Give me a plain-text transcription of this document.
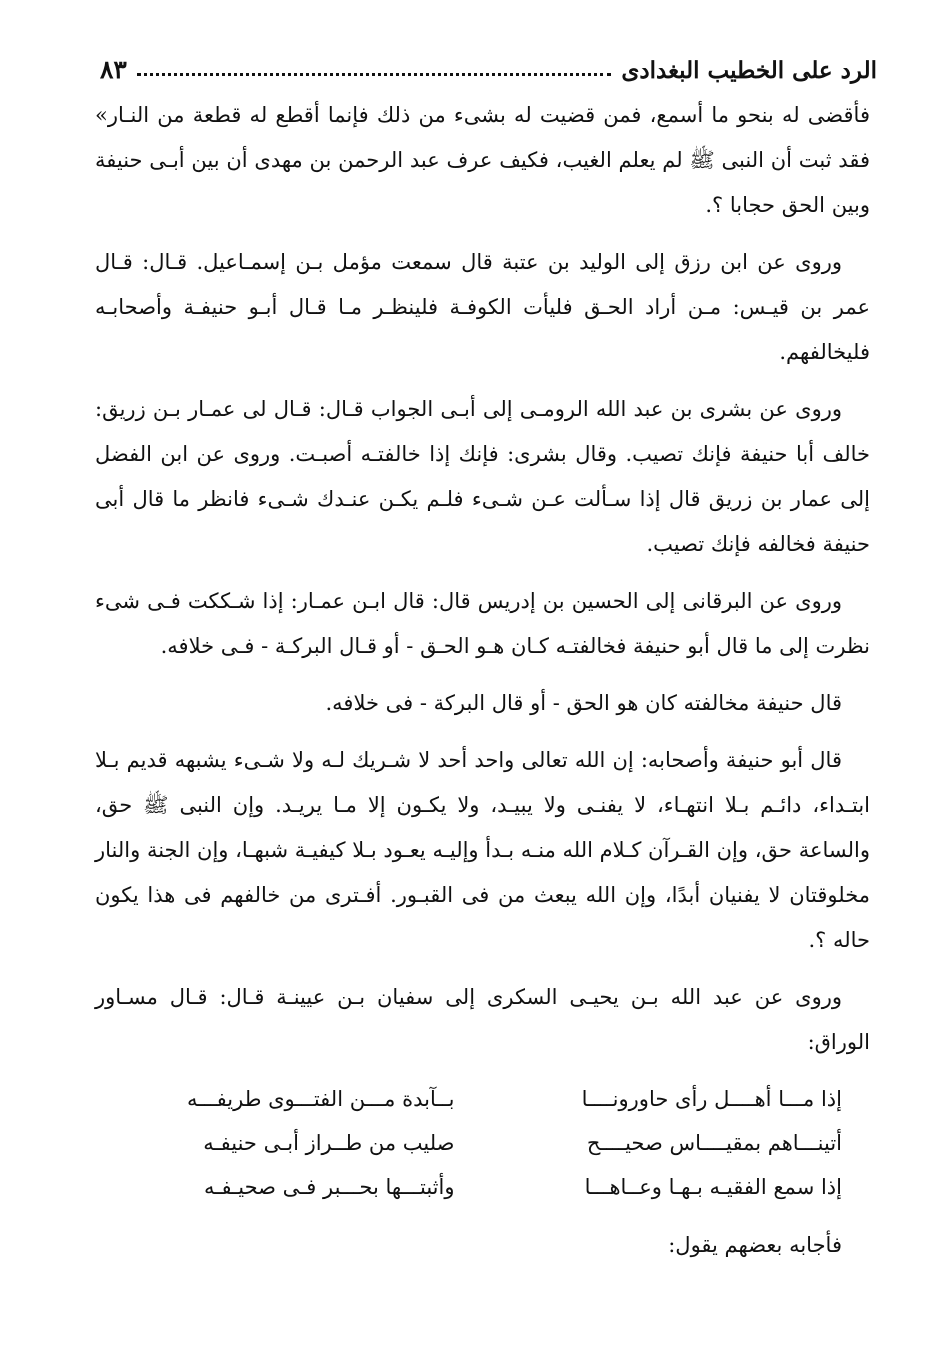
الرد على الخطيب البغدادى
٨٣

فأقضى له بنحو ما أسمع، فمن قضيت له بشىء من ذلك فإنما أقطع له قطعة من النـار» فقد ثبت أن النبى ﷺ لم يعلم الغيب، فكيف عرف عبد الرحمن بن مهدى أن بين أبـى حنيفة وبين الحق حجابا ؟.

وروى عن ابن رزق إلى الوليد بن عتبة قال سمعت مؤمل بـن إسمـاعيل. قـال: قـال عمر بن قيـس: مـن أراد الحـق فليأت الكوفـة فلينظـر مـا قـال أبـو حنيفـة وأصحابـه فليخالفهم.

وروى عن بشرى بن عبد الله الرومـى إلى أبـى الجواب قـال: قـال لى عمـار بـن زريق: خالف أبا حنيفة فإنك تصيب. وقال بشرى: فإنك إذا خالفتـه أصبـت. وروى عن ابن الفضل إلى عمار بن زريق قال إذا سـألت عـن شـىء فلـم يكـن عنـدك شـىء فانظر ما قال أبى حنيفة فخالفه فإنك تصيب.

وروى عن البرقانى إلى الحسين بن إدريس قال: قال ابـن عمـار: إذا شـككت فـى شىء نظرت إلى ما قال أبو حنيفة فخالفتـه كـان هـو الحـق - أو قـال البركـة - فـى خلافه.

قال حنيفة مخالفته كان هو الحق - أو قال البركة - فى خلافه.

قال أبو حنيفة وأصحابه: إن الله تعالى واحد أحد لا شـريك لـه ولا شـىء يشبهه قديم بـلا ابتـداء، دائـم بـلا انتهـاء، لا يفنـى ولا يبيـد، ولا يكـون إلا مـا يريـد. وإن النبى ﷺ حق، والساعة حق، وإن القـرآن كـلام الله منـه بـدأ وإليـه يعـود بـلا كيفيـة شبهـا، وإن الجنة والنار مخلوقتان لا يفنيان أبدًا، وإن الله يبعث من فى القبـور. أفـترى من خالفهم فى هذا يكون حاله ؟.

وروى عن عبد الله بـن يحيـى السكرى إلى سفيان بـن عيينـة قـال: قـال مسـاور الوراق:

إذا مـــا أهــــل رأى حاورونــــا
بــآبدة مـــن الفتـــوى طريفـــه
أتينـــاهم بمقيــــاس صحيــــح
صليب من طــراز أبـى حنيفـه
إذا سمع الفقيـه بـهـا وعــاهـــا
وأثبتـــها بحـــبر فـى صحيـفـه

فأجابه بعضهم يقول:
